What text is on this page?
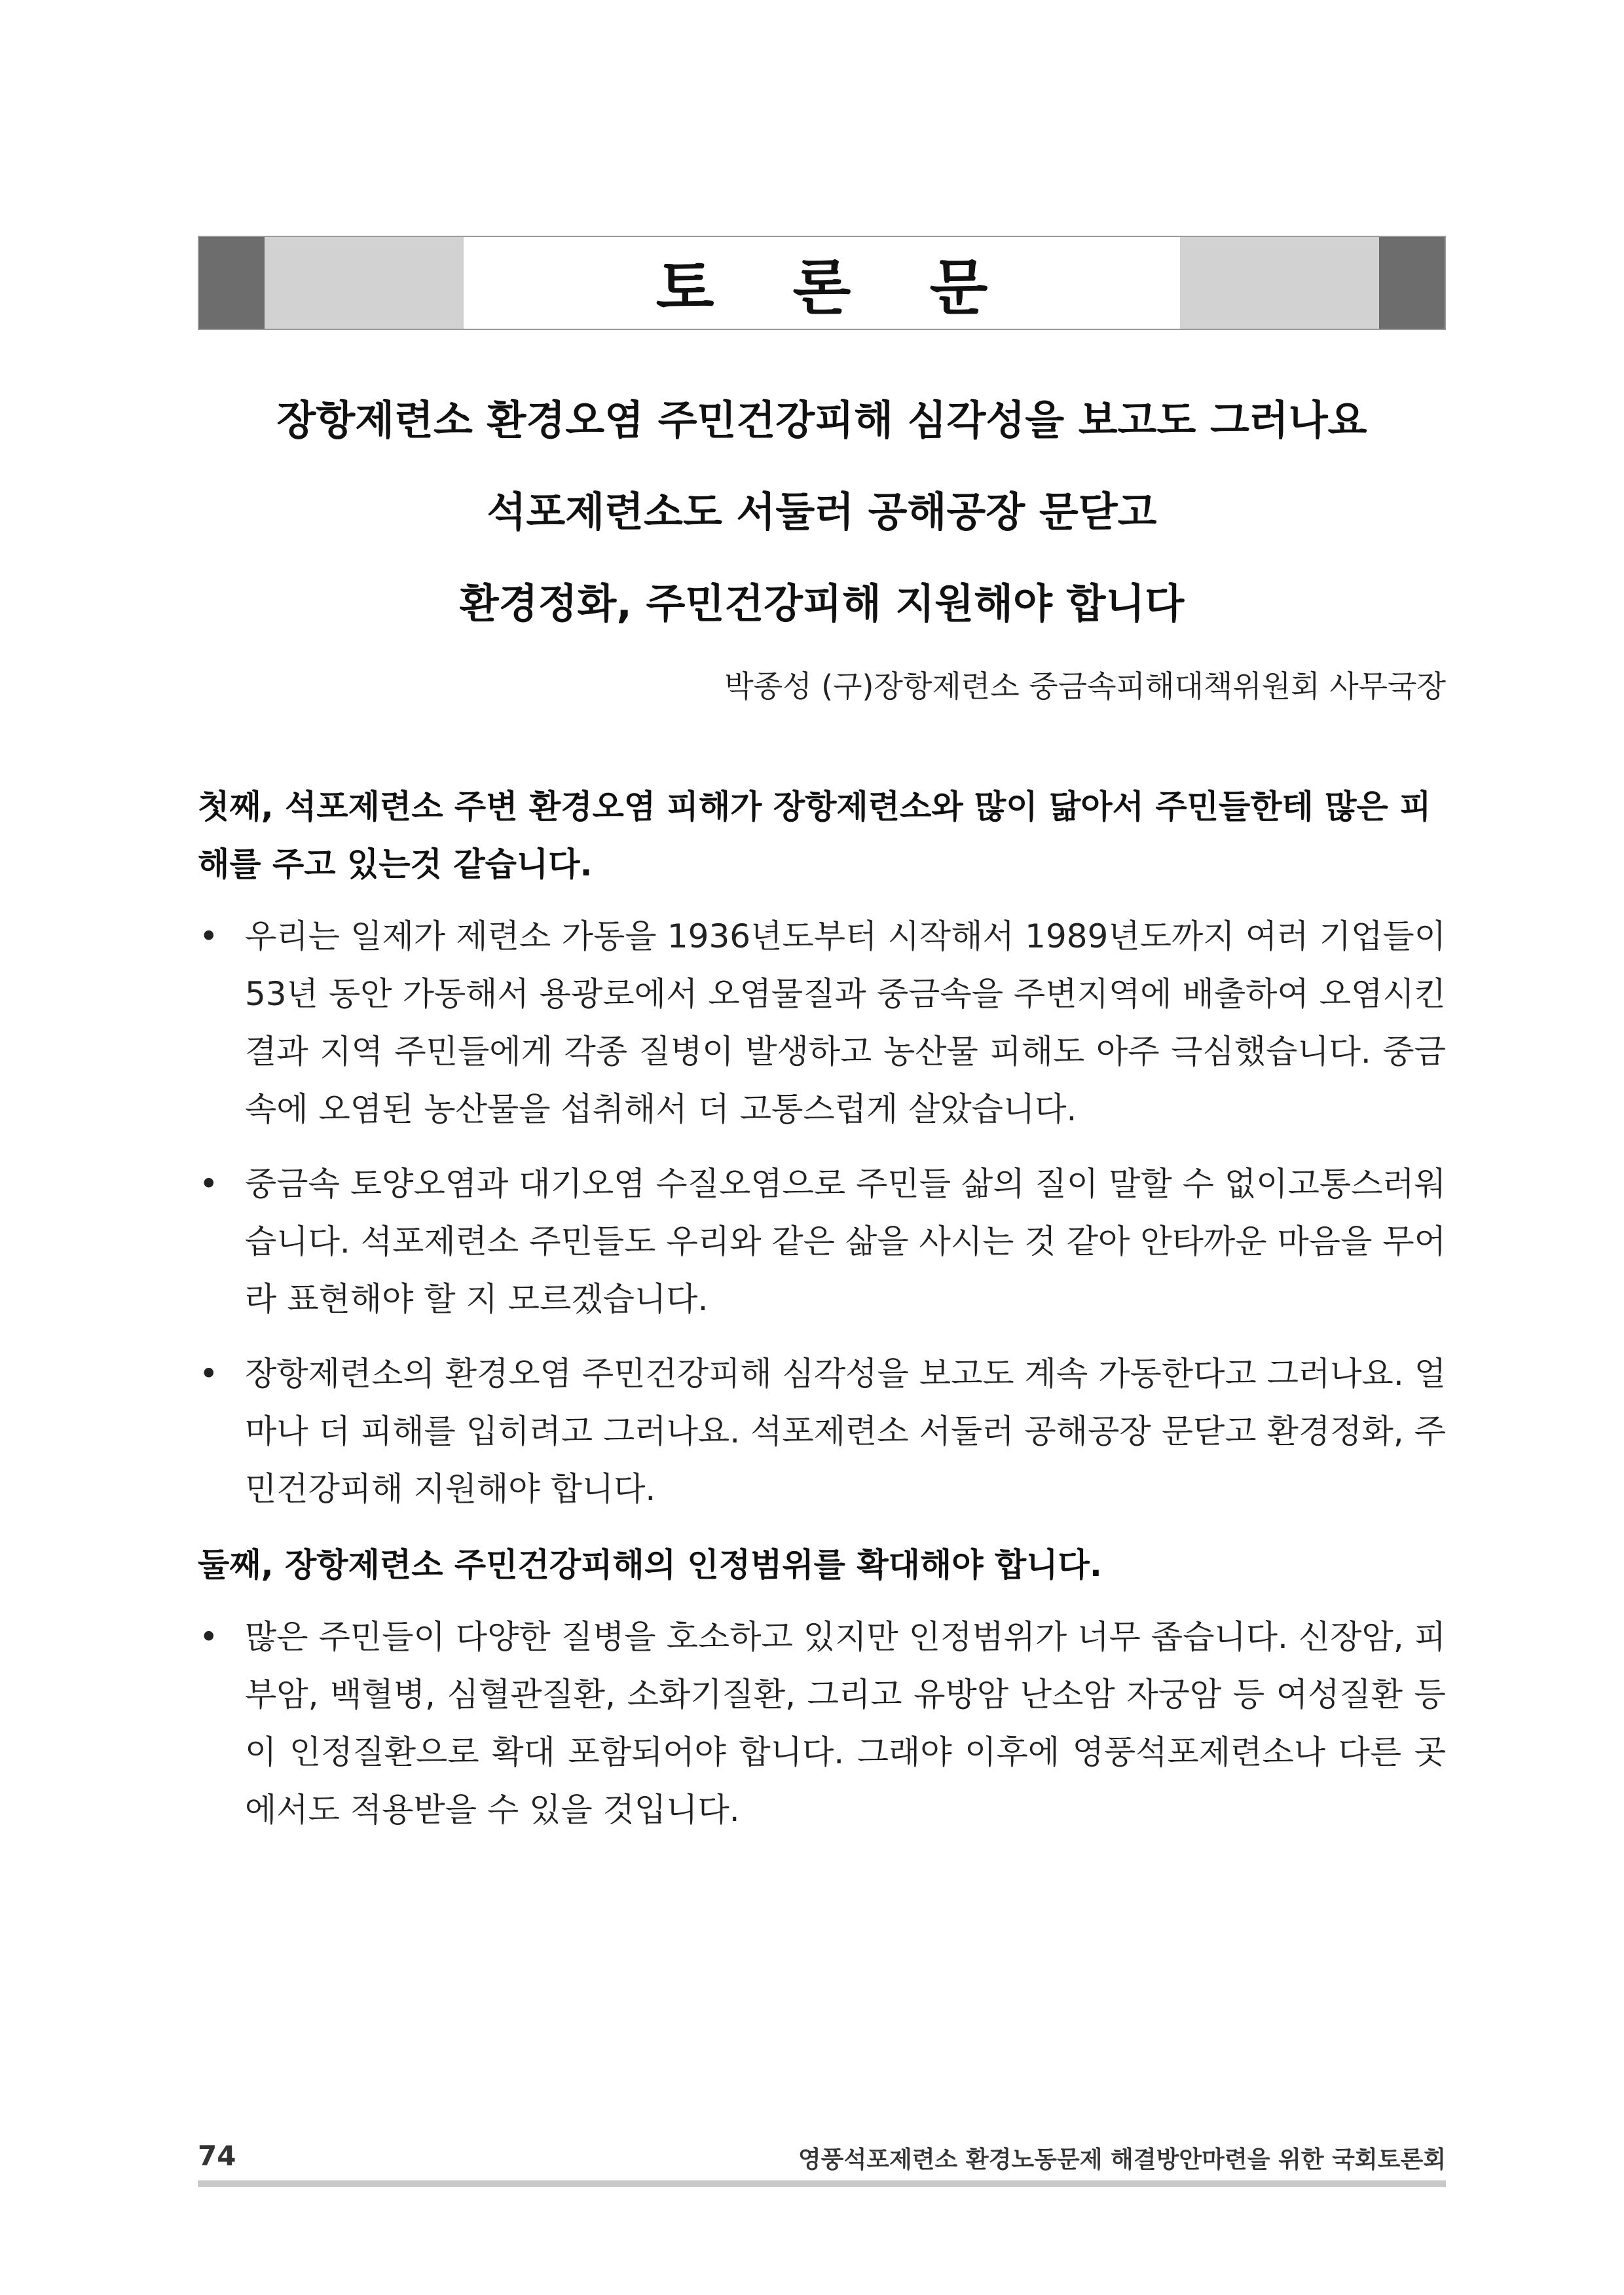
토 론 문
장항제련소 환경오염 주민건강피해 심각성을 보고도 그러나요
석포제련소도 서둘러 공해공장 문닫고
환경정화, 주민건강피해 지원해야 합니다
박종성 (구)장항제련소 중금속피해대책위원회 사무국장

첫째, 석포제련소 주변 환경오염 피해가 장항제련소와 많이 닮아서 주민들한테 많은 피해를 주고 있는것 같습니다.

• 우리는 일제가 제련소 가동을 1936년도부터 시작해서 1989년도까지 여러 기업들이 53년 동안 가동해서 용광로에서 오염물질과 중금속을 주변지역에 배출하여 오염시킨 결과 지역 주민들에게 각종 질병이 발생하고 농산물 피해도 아주 극심했습니다. 중금속에 오염된 농산물을 섭취해서 더 고통스럽게 살았습니다.
• 중금속 토양오염과 대기오염 수질오염으로 주민들 삶의 질이 말할 수 없이고통스러워습니다. 석포제련소 주민들도 우리와 같은 삶을 사시는 것 같아 안타까운 마음을 무어라 표현해야 할 지 모르겠습니다.
• 장항제련소의 환경오염 주민건강피해 심각성을 보고도 계속 가동한다고 그러나요. 얼마나 더 피해를 입히려고 그러나요. 석포제련소 서둘러 공해공장 문닫고 환경정화, 주민건강피해 지원해야 합니다.

둘째, 장항제련소 주민건강피해의 인정범위를 확대해야 합니다.

• 많은 주민들이 다양한 질병을 호소하고 있지만 인정범위가 너무 좁습니다. 신장암, 피부암, 백혈병, 심혈관질환, 소화기질환, 그리고 유방암 난소암 자궁암 등 여성질환 등이 인정질환으로 확대 포함되어야 합니다. 그래야 이후에 영풍석포제련소나 다른 곳에서도 적용받을 수 있을 것입니다.
74	영풍석포제련소 환경노동문제 해결방안마련을 위한 국회토론회
